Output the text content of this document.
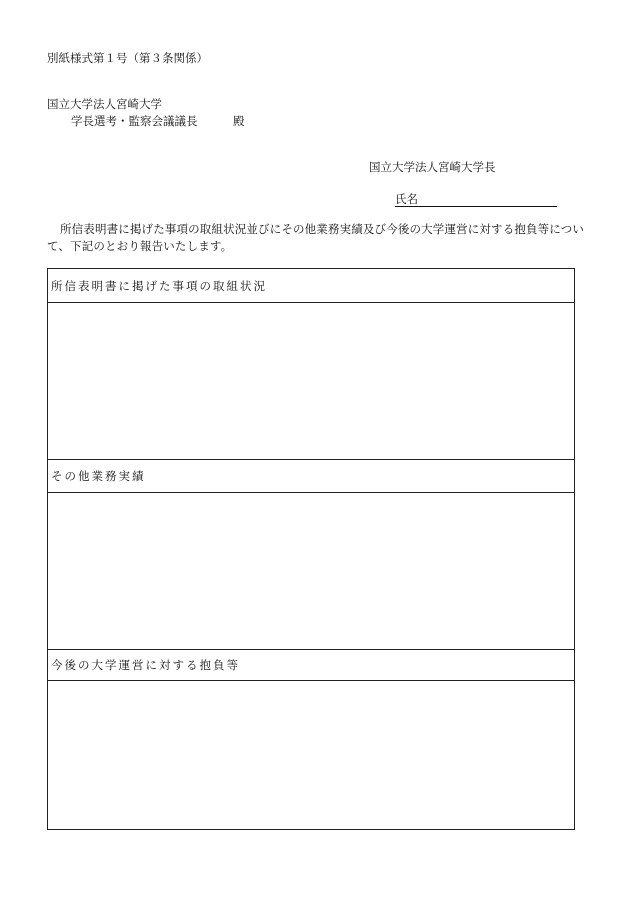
別紙様式第１号（第３条関係）
国立大学法人宮崎大学
学長選考・監察会議議長	殿
国立大学法人宮崎大学長
氏名
所信表明書に掲げた事項の取組状況並びにその他業務実績及び今後の大学運営に対する抱負等について、下記のとおり報告いたします。
所信表明書に掲げた事項の取組状況
その他業務実績
今後の大学運営に対する抱負等
